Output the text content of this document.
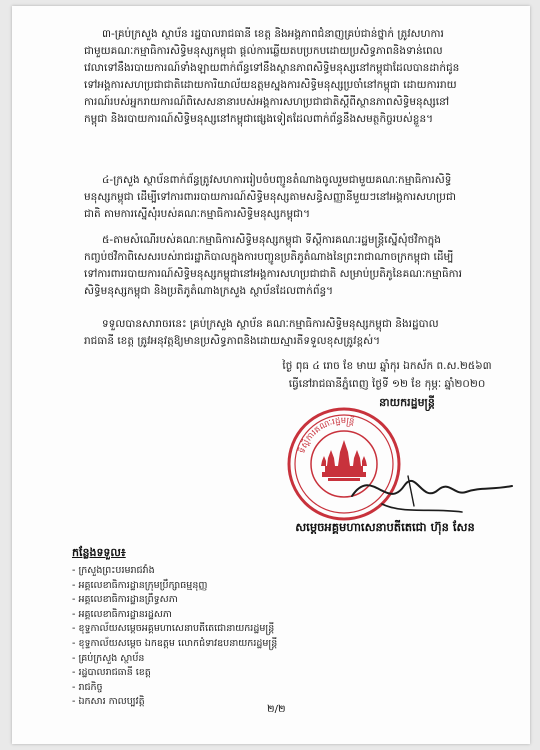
៣-គ្រប់ក្រសួង ស្ថាប័ន រដ្ឋបាលរាជធានី ខេត្ត និងអង្គភាពជំនាញគ្រប់ជាន់ថ្នាក់ ត្រូវសហការជាមួយគណៈកម្មាធិការសិទ្ធិមនុស្សកម្ពុជា ផ្តល់ការឆ្លើយតបប្រកបដោយប្រសិទ្ធភាពនិងទាន់ពេលវេលាទៅនឹងរបាយការណ៍ទាំងឡាយពាក់ព័ន្ធទៅនឹងស្ថានភាពសិទ្ធិមនុស្សនៅកម្ពុជាដែលបានដាក់ជូនទៅអង្គការសហប្រជាជាតិដោយការិយាល័យឧត្តមស្នងការសិទ្ធិមនុស្សប្រចាំនៅកម្ពុជា ដោយការរាយការណ៍របស់អ្នករាយការណ៍ពិសេសនានារបស់អង្គការសហប្រជាជាតិស្តីពីស្ថានភាពសិទ្ធិមនុស្សនៅកម្ពុជា និងរបាយការណ៍សិទ្ធិមនុស្សនៅកម្ពុជាផ្សេងទៀតដែលពាក់ព័ន្ធនឹងសមត្ថកិច្ចរបស់ខ្លួន។
៤-ក្រសួង ស្ថាប័នពាក់ព័ន្ធត្រូវសហការរៀបចំបញ្ជូនតំណាងចូលរួមជាមួយគណៈកម្មាធិការសិទ្ធិមនុស្សកម្ពុជា ដើម្បីទៅការពាររបាយការណ៍សិទ្ធិមនុស្សតាមសន្ធិសញ្ញានីមួយៗនៅអង្គការសហប្រជាជាតិ តាមការស្នើសុំរបស់គណៈកម្មាធិការសិទ្ធិមនុស្សកម្ពុជា។
៥-តាមសំណើរបស់គណៈកម្មាធិការសិទ្ធិមនុស្សកម្ពុជា ទីស្តីការគណៈរដ្ឋមន្ត្រីស្នើសុំថវិកាក្នុងកញ្ចប់ថវិកាពិសេសរបស់រាជរដ្ឋាភិបាលក្នុងការបញ្ជូនប្រតិភូតំណាងនៃព្រះរាជាណាចក្រកម្ពុជា ដើម្បីទៅការពាររបាយការណ៍សិទ្ធិមនុស្សកម្ពុជានៅអង្គការសហប្រជាជាតិ សម្រាប់ប្រតិភូនៃគណៈកម្មាធិការសិទ្ធិមនុស្សកម្ពុជា និងប្រតិភូតំណាងក្រសួង ស្ថាប័នដែលពាក់ព័ន្ធ។
ទទួលបានសារាចរនេះ គ្រប់ក្រសួង ស្ថាប័ន គណៈកម្មាធិការសិទ្ធិមនុស្សកម្ពុជា និងរដ្ឋបាលរាជធានី ខេត្ត ត្រូវអនុវត្តឱ្យមានប្រសិទ្ធភាពនិងដោយស្មារតីទទួលខុសត្រូវខ្ពស់។
ថ្ងៃ ពុធ ៤ រោច ខែ មាឃ ឆ្នាំកុរ ឯកស័ក ព.ស.២៥៦៣
ធ្វើនៅរាជធានីភ្នំពេញ ថ្ងៃទី ១២ ខែ កុម្ភៈ ឆ្នាំ២០២០
នាយករដ្ឋមន្ត្រី
ទីស្តីការគណៈរដ្ឋមន្ត្រី
សម្តេចអគ្គមហាសេនាបតីតេជោ ហ៊ុន សែន
កន្លែងទទួល៖
- ក្រសួងព្រះបរមរាជវាំង
- អគ្គលេខាធិការដ្ឋានក្រុមប្រឹក្សាធម្មនុញ្ញ
- អគ្គលេខាធិការដ្ឋានព្រឹទ្ធសភា
- អគ្គលេខាធិការដ្ឋានរដ្ឋសភា
- ខុទ្ទកាល័យសម្តេចអគ្គមហាសេនាបតីតេជោនាយករដ្ឋមន្ត្រី
- ខុទ្ទកាល័យសម្តេច ឯកឧត្តម លោកជំទាវឧបនាយករដ្ឋមន្ត្រី
- គ្រប់ក្រសួង ស្ថាប័ន
- រដ្ឋបាលរាជធានី ខេត្ត
- រាជកិច្ច
- ឯកសារ កាលប្បវត្តិ
២/២
